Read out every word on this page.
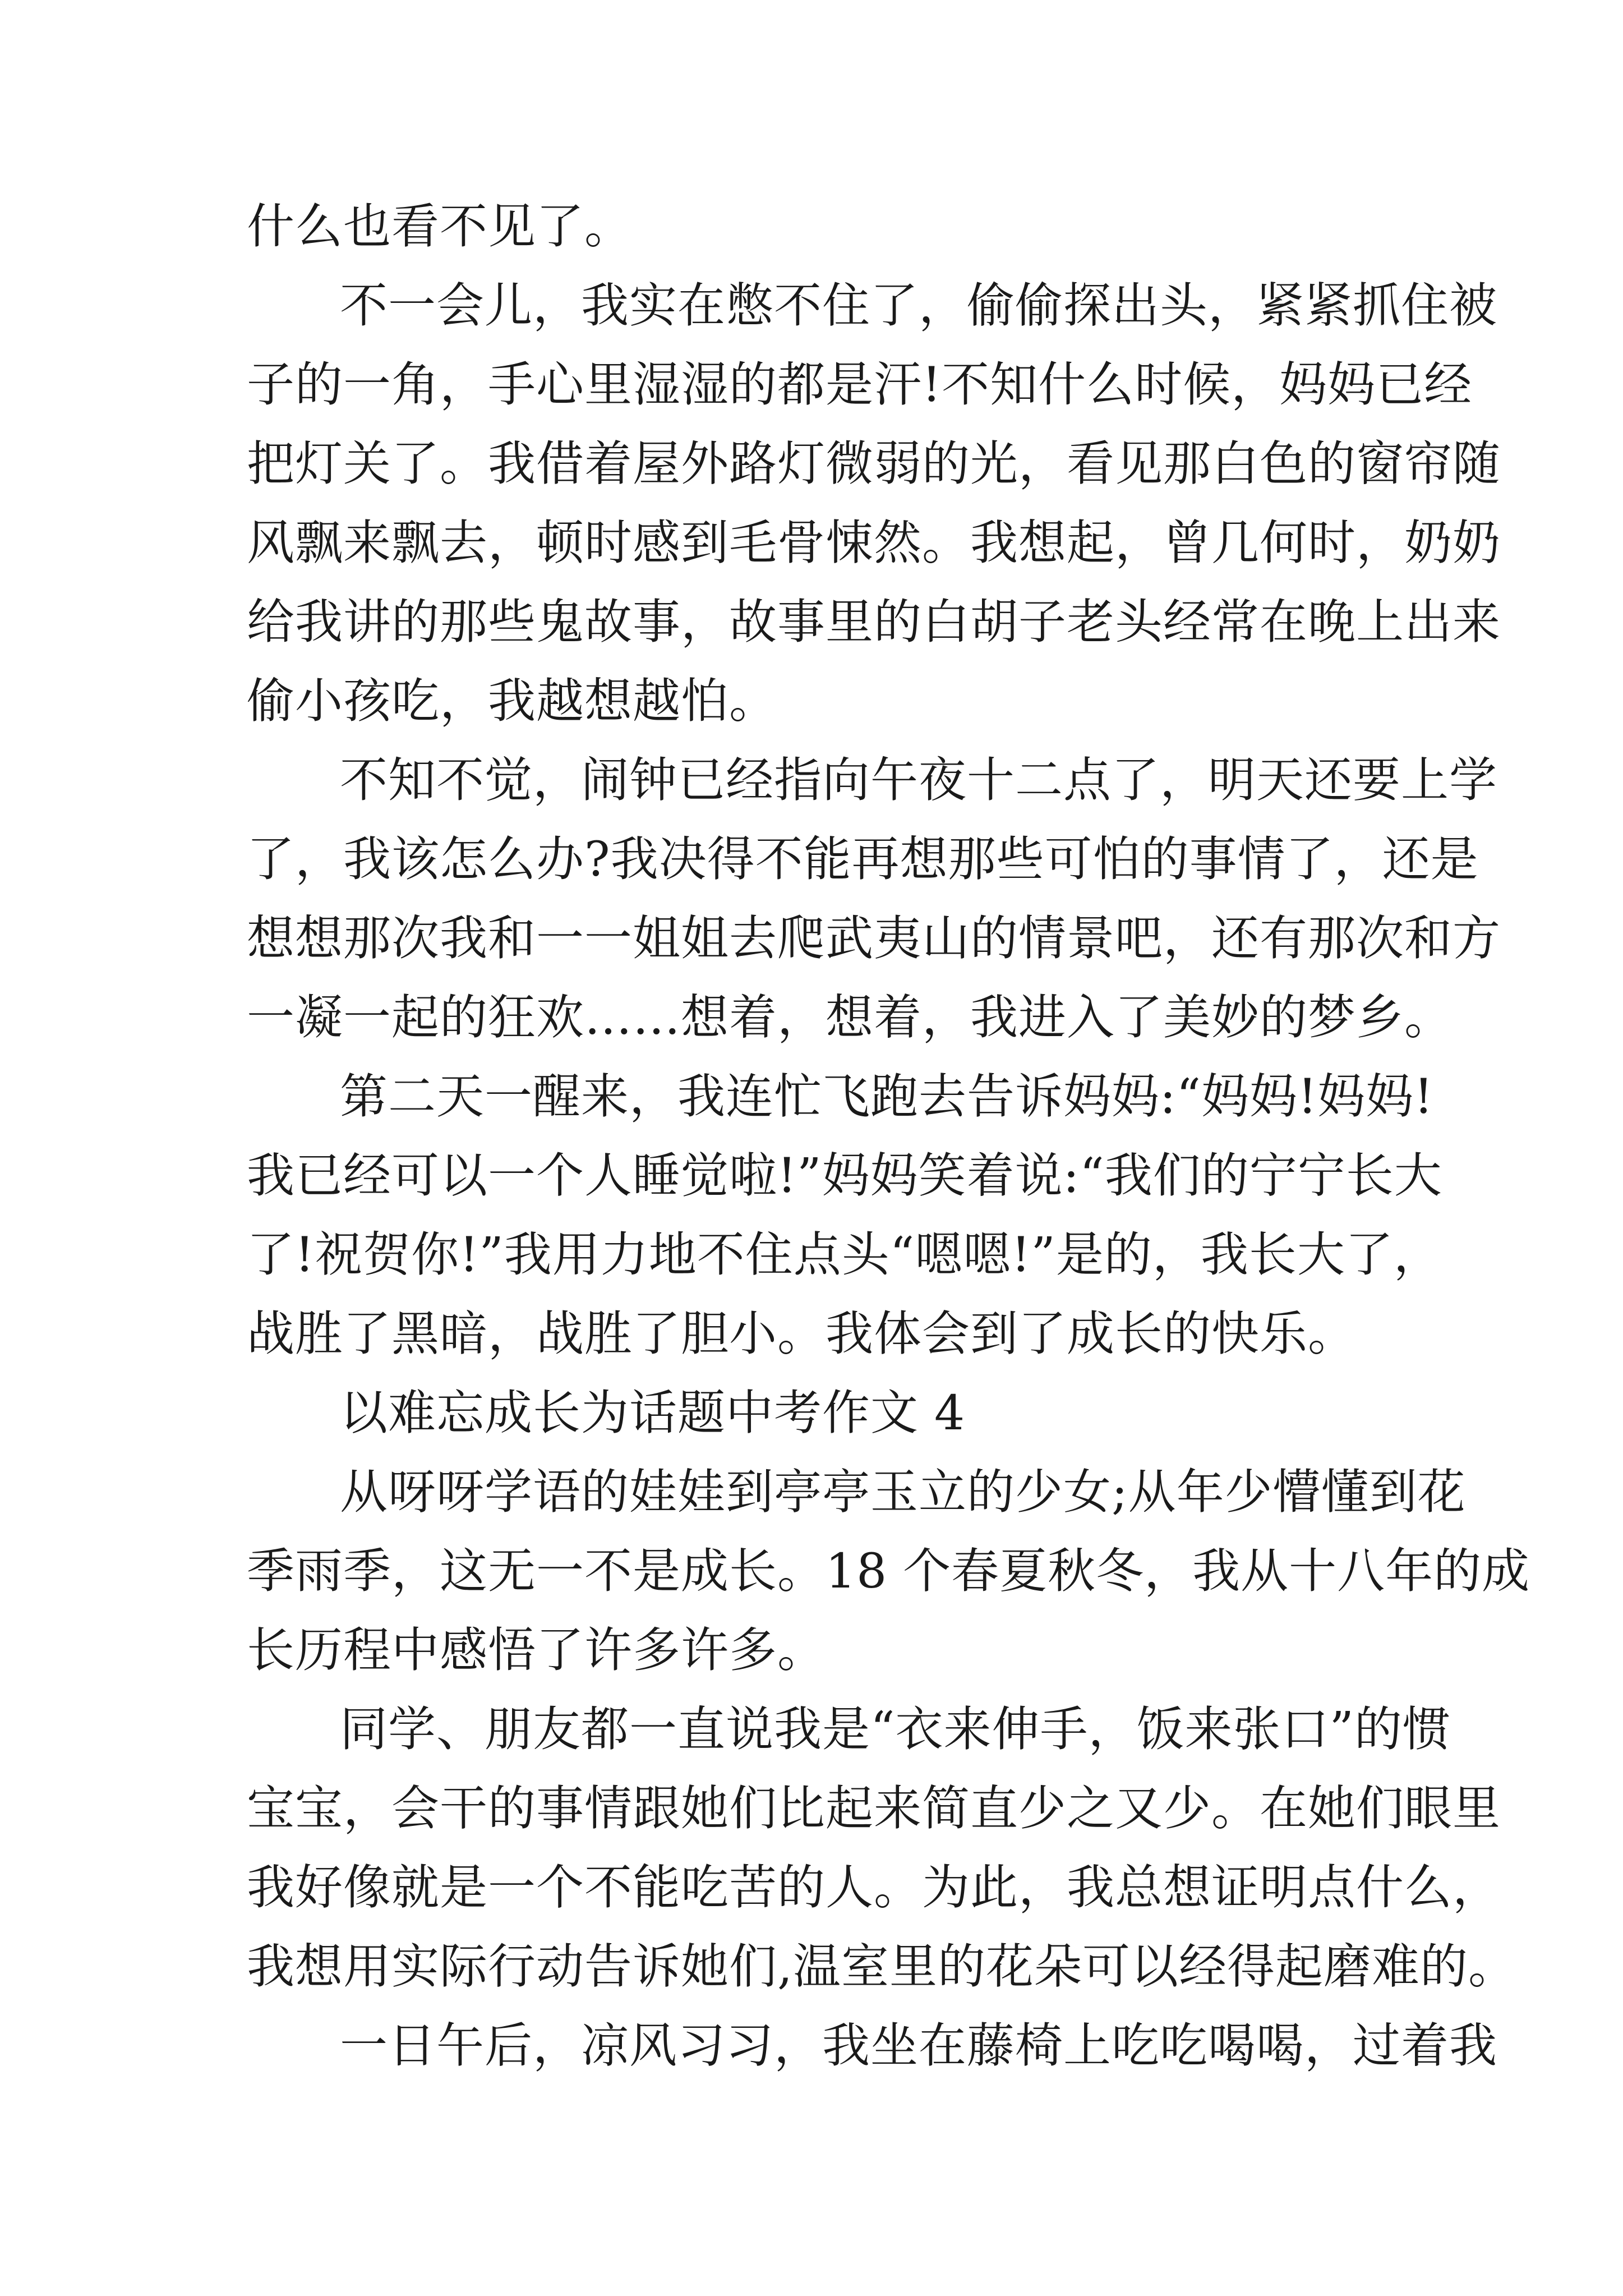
什么也看不见了。
不一会儿，我实在憋不住了，偷偷探出头，紧紧抓住被
子的一角，手心里湿湿的都是汗!不知什么时候，妈妈已经
把灯关了。我借着屋外路灯微弱的光，看见那白色的窗帘随
风飘来飘去，顿时感到毛骨悚然。我想起，曾几何时，奶奶
给我讲的那些鬼故事，故事里的白胡子老头经常在晚上出来
偷小孩吃，我越想越怕。
不知不觉，闹钟已经指向午夜十二点了，明天还要上学
了，我该怎么办?我决得不能再想那些可怕的事情了，还是
想想那次我和一一姐姐去爬武夷山的情景吧，还有那次和方
一凝一起的狂欢……想着，想着，我进入了美妙的梦乡。
第二天一醒来，我连忙飞跑去告诉妈妈:“妈妈!妈妈!
我已经可以一个人睡觉啦!”妈妈笑着说:“我们的宁宁长大
了!祝贺你!”我用力地不住点头“嗯嗯!”是的，我长大了，
战胜了黑暗，战胜了胆小。我体会到了成长的快乐。
以难忘成长为话题中考作文 4
从呀呀学语的娃娃到亭亭玉立的少女;从年少懵懂到花
季雨季，这无一不是成长。18 个春夏秋冬，我从十八年的成
长历程中感悟了许多许多。
同学、朋友都一直说我是“衣来伸手，饭来张口”的惯
宝宝，会干的事情跟她们比起来简直少之又少。在她们眼里
我好像就是一个不能吃苦的人。为此，我总想证明点什么，
我想用实际行动告诉她们,温室里的花朵可以经得起磨难的。
一日午后，凉风习习，我坐在藤椅上吃吃喝喝，过着我
